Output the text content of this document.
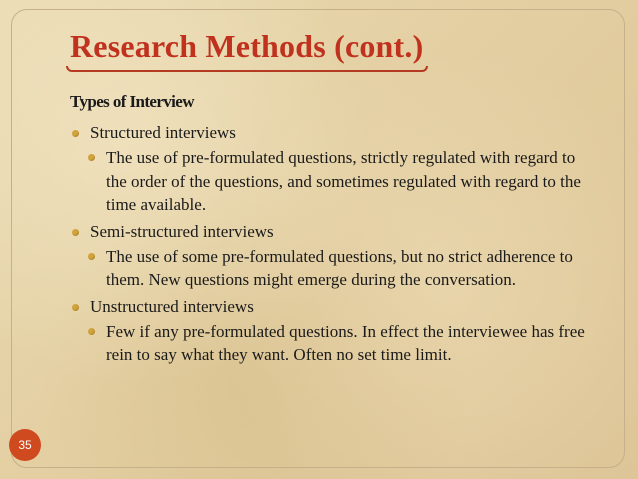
Research Methods (cont.)
Types of Interview
Structured interviews
The use of pre-formulated questions, strictly regulated with regard to the order of the questions, and sometimes regulated with regard to the time available.
Semi-structured interviews
The use of some pre-formulated questions, but no strict adherence to them. New questions might emerge during the conversation.
Unstructured interviews
Few if any pre-formulated questions. In effect the interviewee has free rein to say what they want. Often no set time limit.
35
